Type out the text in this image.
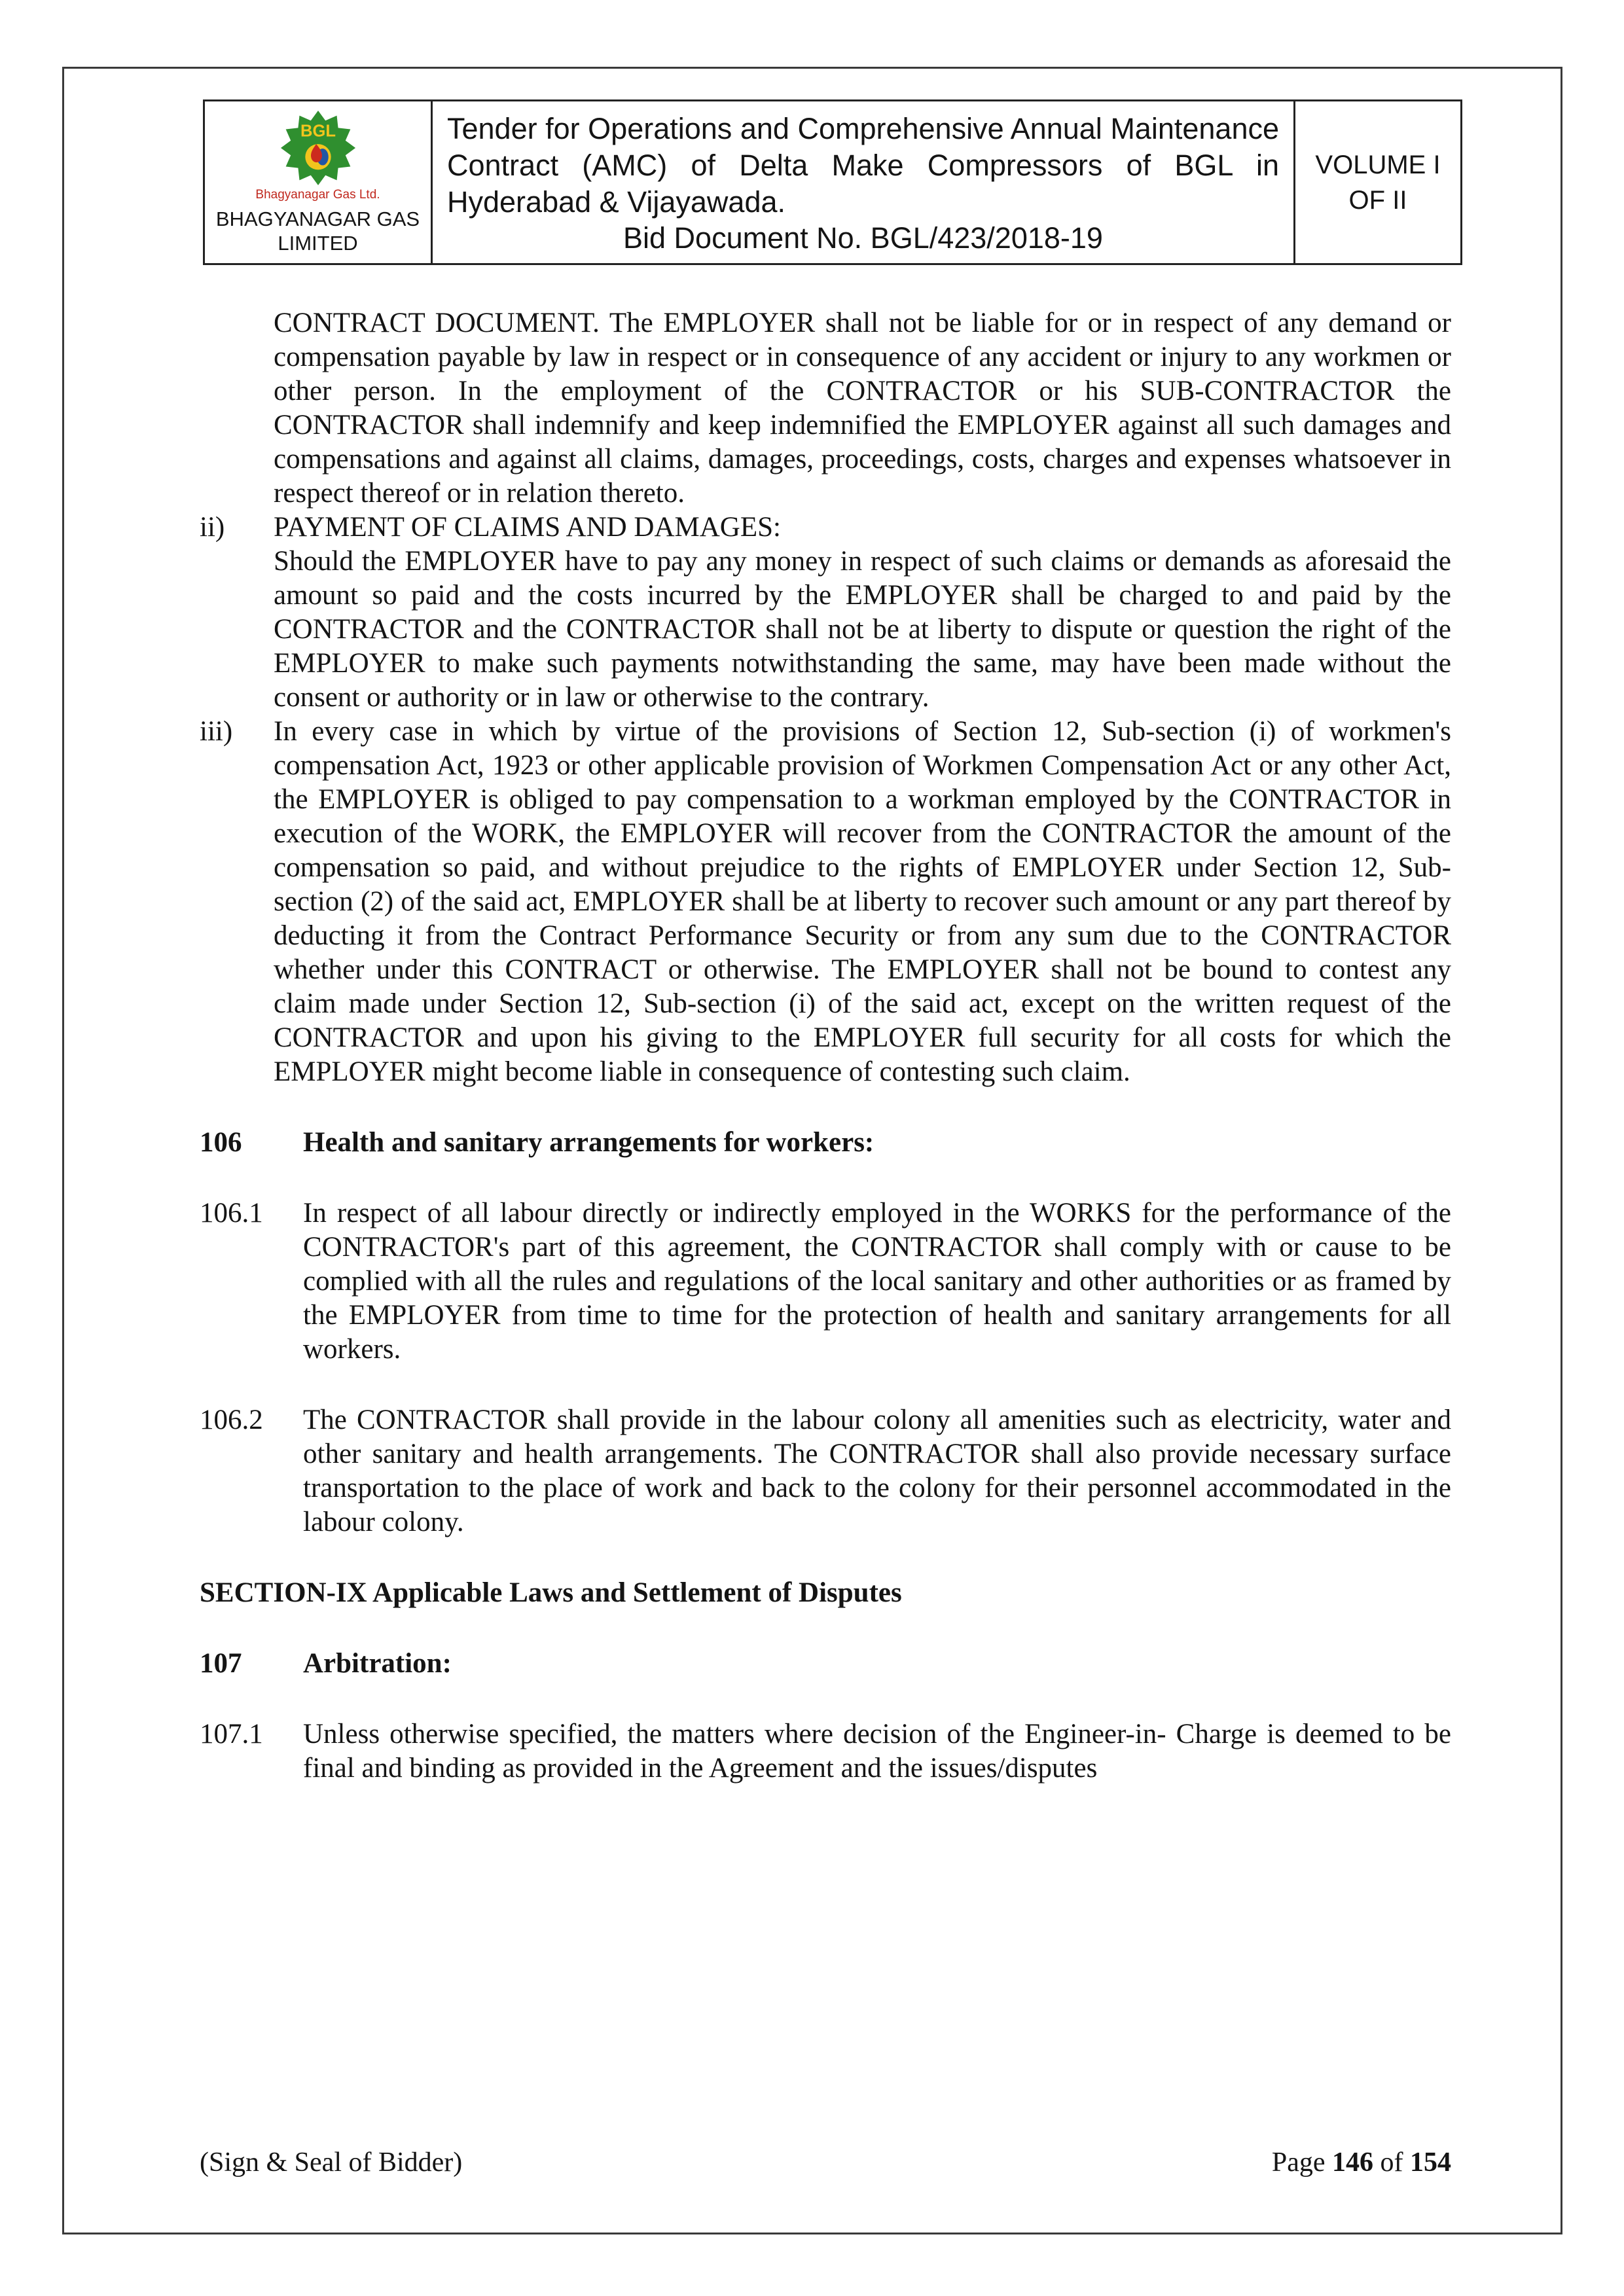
BGL
Bhagyanagar Gas Ltd.
BHAGYANAGAR GAS LIMITED
Tender for Operations and Comprehensive Annual Maintenance Contract (AMC) of Delta Make Compressors of BGL in Hyderabad & Vijayawada.
Bid Document No. BGL/423/2018-19
VOLUME I
OF II

CONTRACT DOCUMENT. The EMPLOYER shall not be liable for or in respect of any demand or compensation payable by law in respect or in consequence of any accident or injury to any workmen or other person. In the employment of the CONTRACTOR or his SUB-CONTRACTOR the CONTRACTOR shall indemnify and keep indemnified the EMPLOYER against all such damages and compensations and against all claims, damages, proceedings, costs, charges and expenses whatsoever in respect thereof or in relation thereto.

ii) PAYMENT OF CLAIMS AND DAMAGES:

Should the EMPLOYER have to pay any money in respect of such claims or demands as aforesaid the amount so paid and the costs incurred by the EMPLOYER shall be charged to and paid by the CONTRACTOR and the CONTRACTOR shall not be at liberty to dispute or question the right of the EMPLOYER to make such payments notwithstanding the same, may have been made without the consent or authority or in law or otherwise to the contrary.

iii) In every case in which by virtue of the provisions of Section 12, Sub-section (i) of workmen's compensation Act, 1923 or other applicable provision of Workmen Compensation Act or any other Act, the EMPLOYER is obliged to pay compensation to a workman employed by the CONTRACTOR in execution of the WORK, the EMPLOYER will recover from the CONTRACTOR the amount of the compensation so paid, and without prejudice to the rights of EMPLOYER under Section 12, Sub-section (2) of the said act, EMPLOYER shall be at liberty to recover such amount or any part thereof by deducting it from the Contract Performance Security or from any sum due to the CONTRACTOR whether under this CONTRACT or otherwise. The EMPLOYER shall not be bound to contest any claim made under Section 12, Sub-section (i) of the said act, except on the written request of the CONTRACTOR and upon his giving to the EMPLOYER full security for all costs for which the EMPLOYER might become liable in consequence of contesting such claim.
106 Health and sanitary arrangements for workers:
106.1 In respect of all labour directly or indirectly employed in the WORKS for the performance of the CONTRACTOR's part of this agreement, the CONTRACTOR shall comply with or cause to be complied with all the rules and regulations of the local sanitary and other authorities or as framed by the EMPLOYER from time to time for the protection of health and sanitary arrangements for all workers.
106.2 The CONTRACTOR shall provide in the labour colony all amenities such as electricity, water and other sanitary and health arrangements. The CONTRACTOR shall also provide necessary surface transportation to the place of work and back to the colony for their personnel accommodated in the labour colony.

SECTION-IX Applicable Laws and Settlement of Disputes

107 Arbitration:
107.1 Unless otherwise specified, the matters where decision of the Engineer-in- Charge is deemed to be final and binding as provided in the Agreement and the issues/disputes
(Sign & Seal of Bidder)	Page 146 of 154
